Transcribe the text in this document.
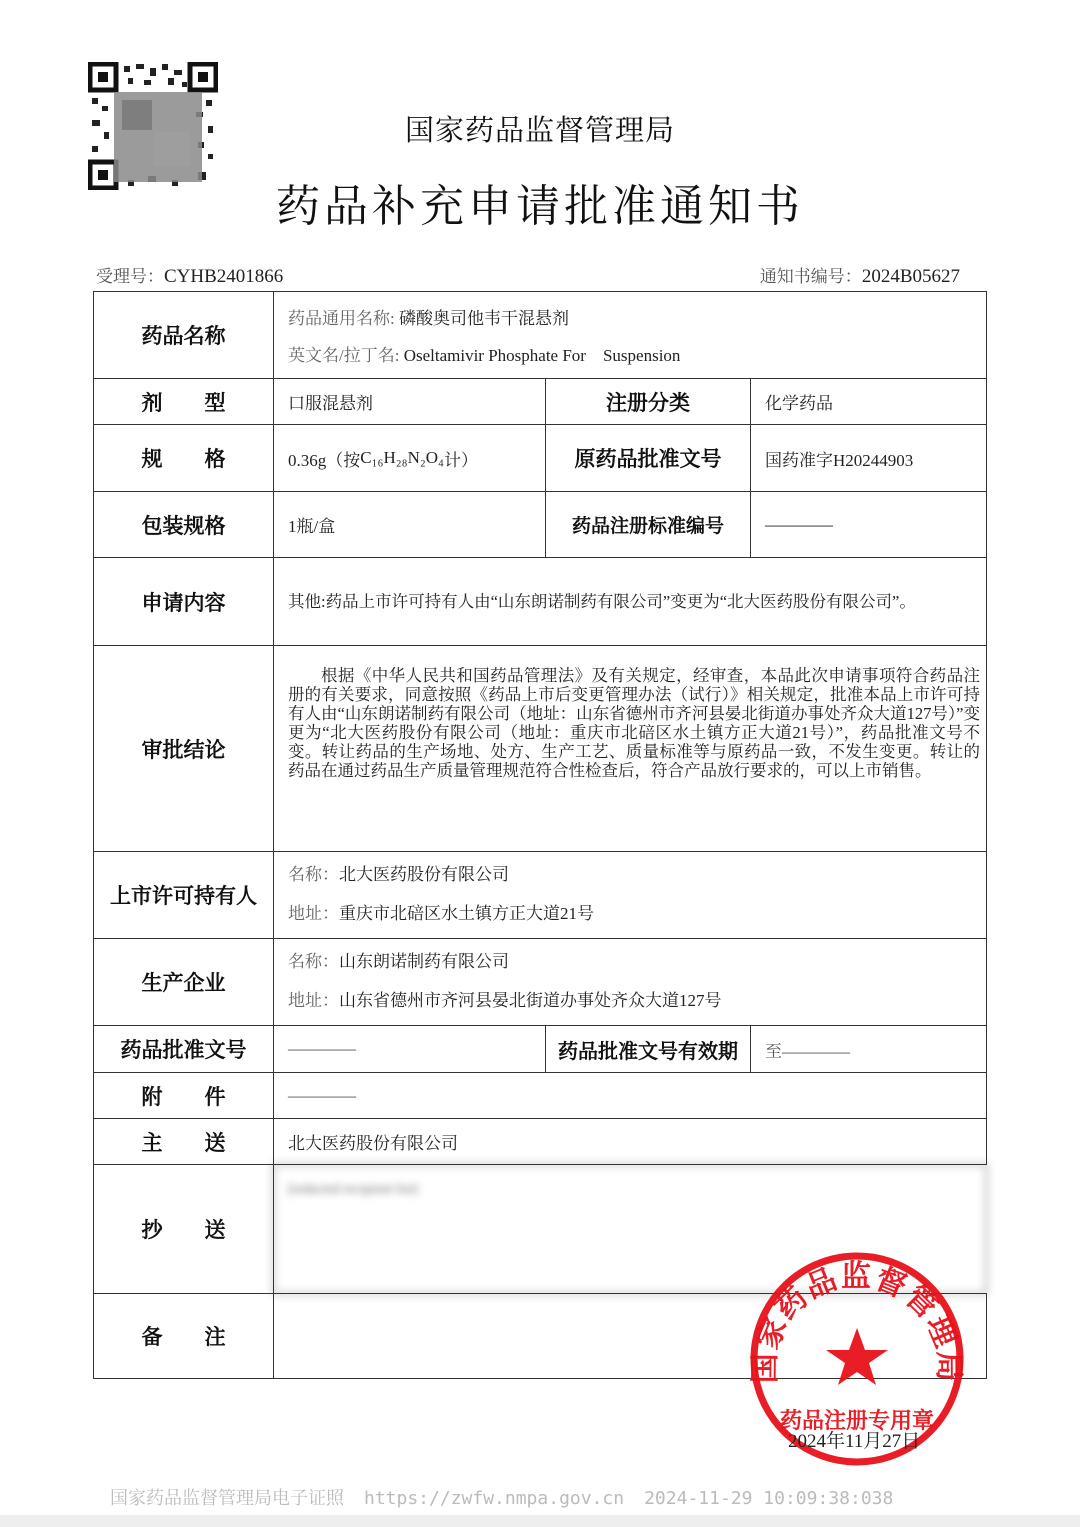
国家药品监督管理局
药品补充申请批准通知书
受理号：CYHB2401866	通知书编号：2024B05627
药品名称
药品通用名称: 磷酸奥司他韦干混悬剂
英文名/拉丁名: Oseltamivir Phosphate For    Suspension
剂型	口服混悬剂	注册分类	化学药品
规格	0.36g（按 C₁₆H₂₈N₂O₄ 计）	原药品批准文号	国药准字H20244903
包装规格	1瓶/盒	药品注册标准编号	————
申请内容	其他:药品上市许可持有人由“山东朗诺制药有限公司”变更为“北大医药股份有限公司”。
审批结论
根据《中华人民共和国药品管理法》及有关规定，经审查，本品此次申请事项符合药品注册的有关要求，同意按照《药品上市后变更管理办法（试行）》相关规定，批准本品上市许可持有人由“山东朗诺制药有限公司（地址：山东省德州市齐河县晏北街道办事处齐众大道127号）”变更为“北大医药股份有限公司（地址：重庆市北碚区水土镇方正大道21号）”，药品批准文号不变。转让药品的生产场地、处方、生产工艺、质量标准等与原药品一致，不发生变更。转让的药品在通过药品生产质量管理规范符合性检查后，符合产品放行要求的，可以上市销售。
上市许可持有人
名称：北大医药股份有限公司
地址：重庆市北碚区水土镇方正大道21号
生产企业
名称：山东朗诺制药有限公司
地址：山东省德州市齐河县晏北街道办事处齐众大道127号
药品批准文号	————	药品批准文号有效期	至————
附件	————
主送	北大医药股份有限公司
抄送
[redacted recipient list]
备注
国家药品监督管理局
药品注册专用章
2024年11月27日
国家药品监督管理局电子证照 https://zwfw.nmpa.gov.cn 2024-11-29 10:09:38:038
